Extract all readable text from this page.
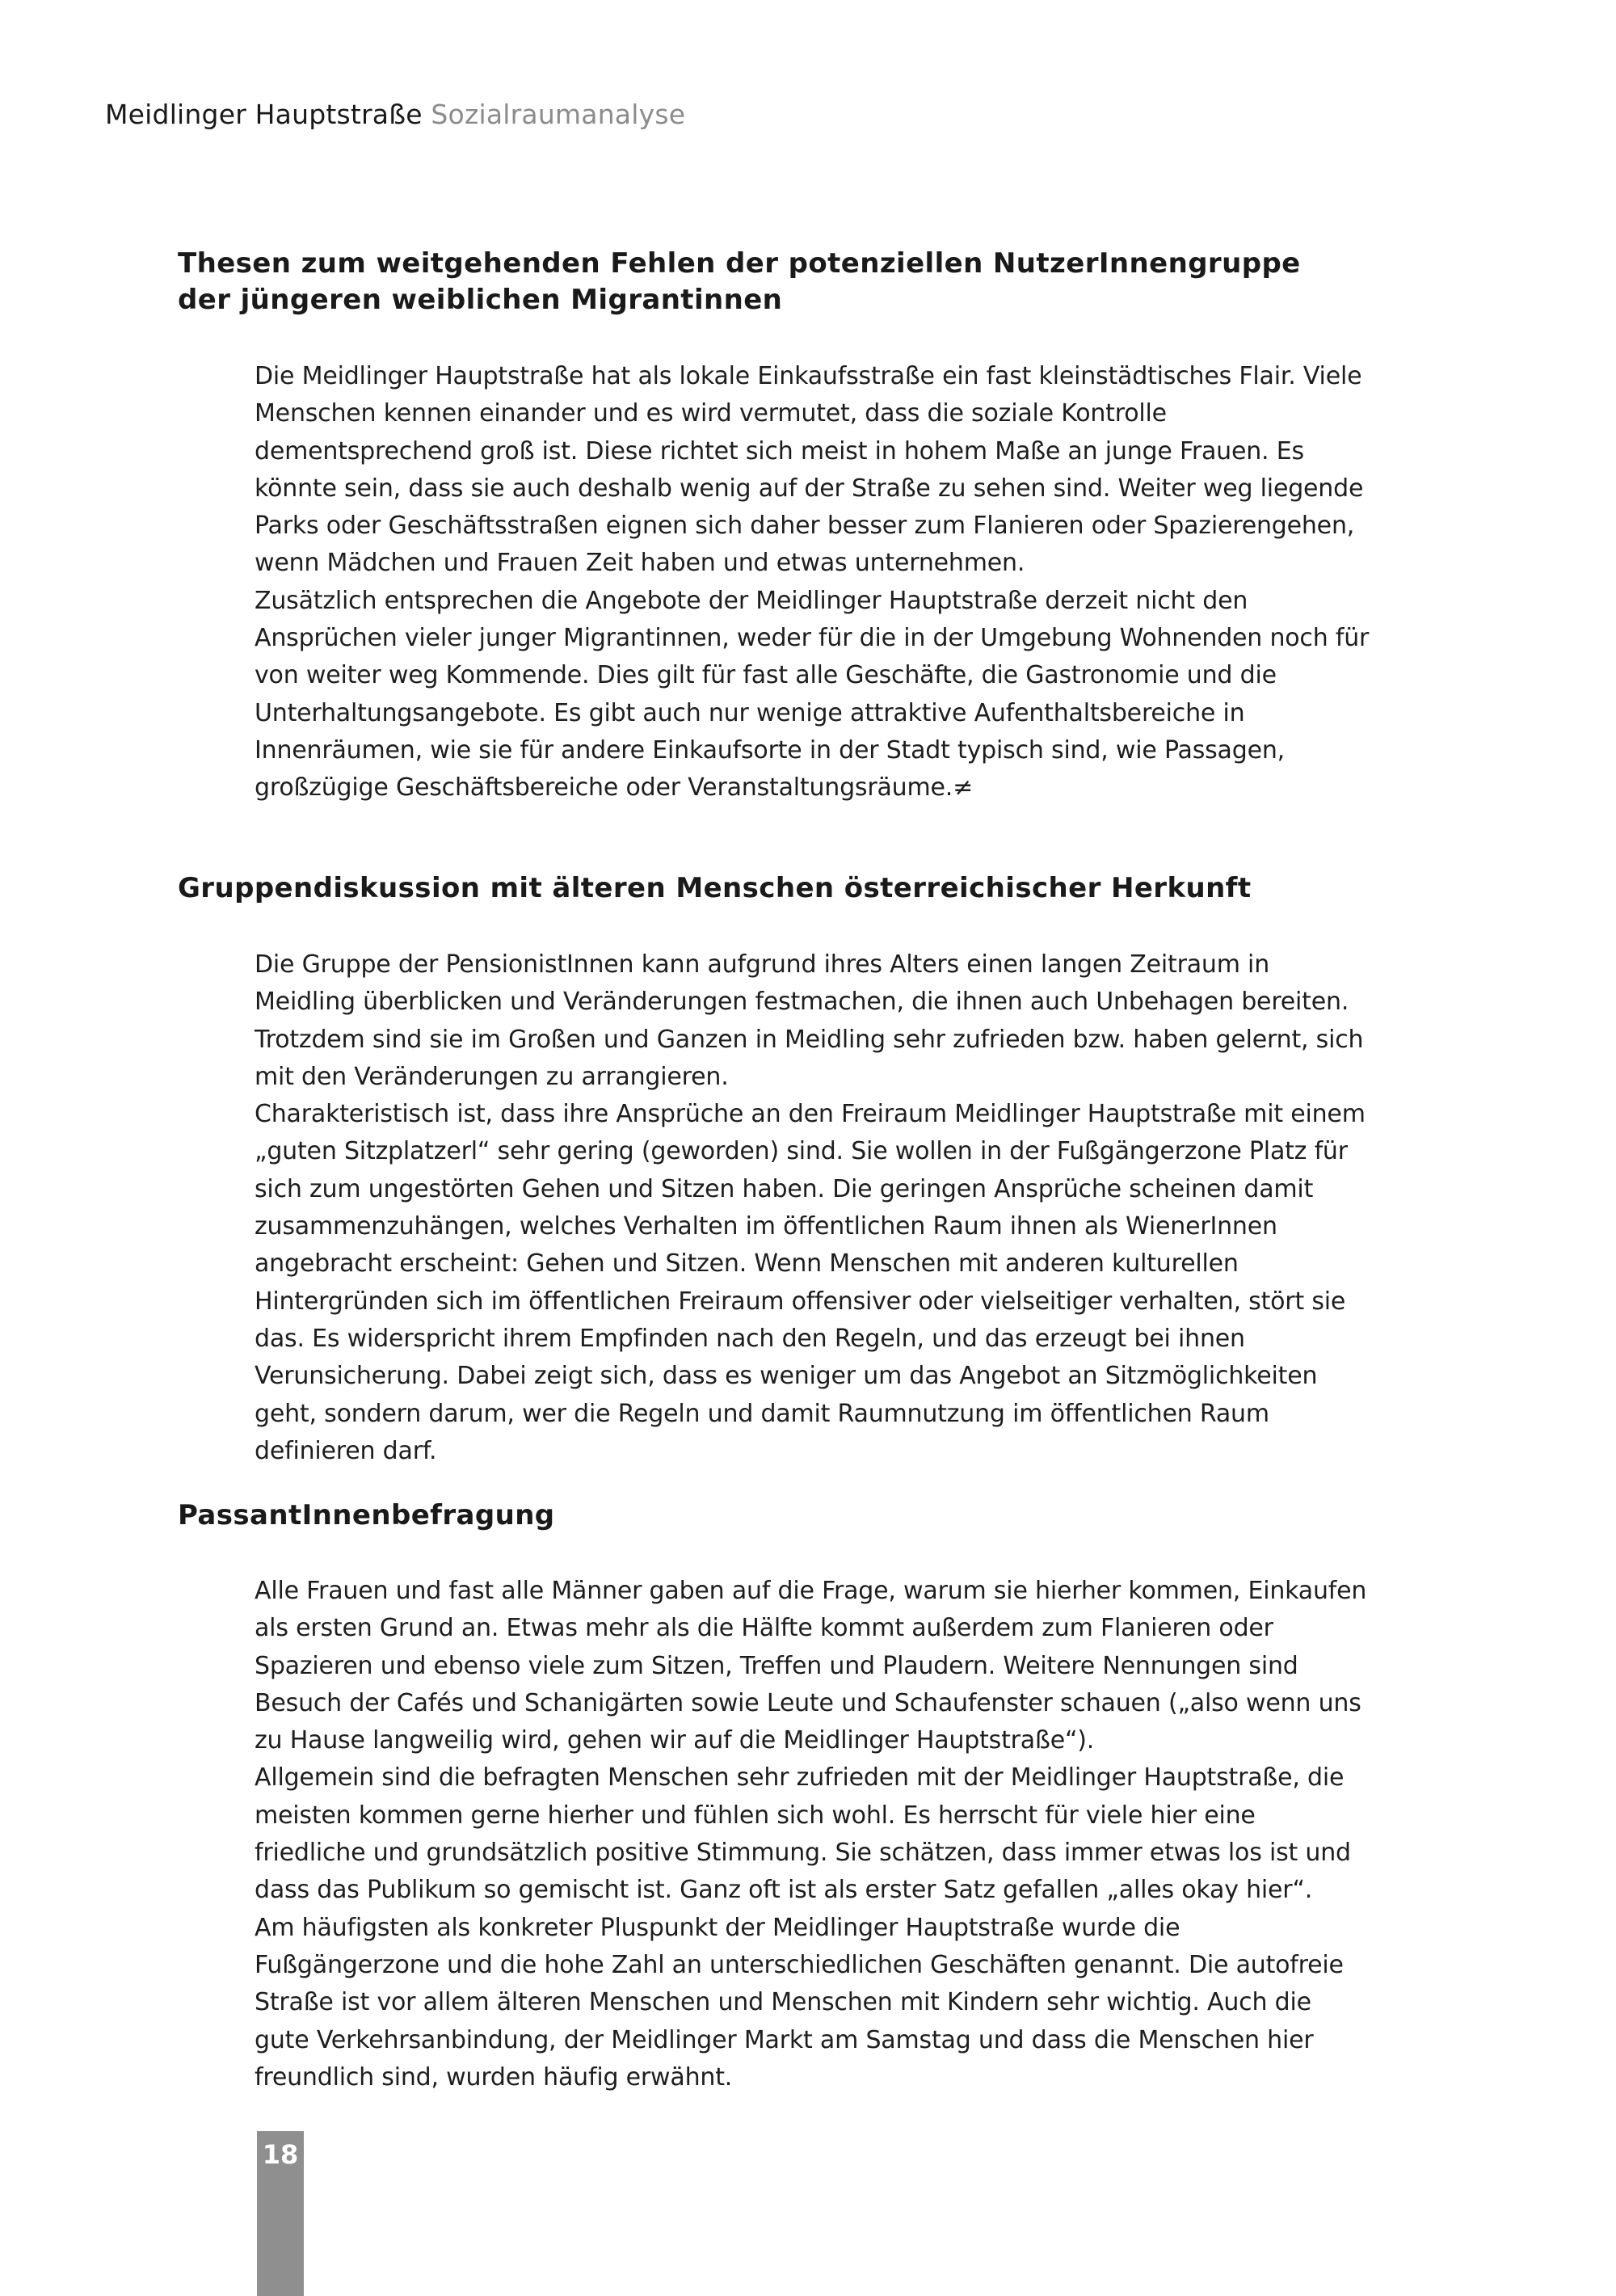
Meidlinger Hauptstraße Sozialraumanalyse
Thesen zum weitgehenden Fehlen der potenziellen NutzerInnengruppe
der jüngeren weiblichen Migrantinnen

Die Meidlinger Hauptstraße hat als lokale Einkaufsstraße ein fast kleinstädtisches Flair. Viele Menschen kennen einander und es wird vermutet, dass die soziale Kontrolle dementsprechend groß ist. Diese richtet sich meist in hohem Maße an junge Frauen. Es könnte sein, dass sie auch deshalb wenig auf der Straße zu sehen sind. Weiter weg liegende Parks oder Geschäftsstraßen eignen sich daher besser zum Flanieren oder Spazierengehen, wenn Mädchen und Frauen Zeit haben und etwas unternehmen.

Zusätzlich entsprechen die Angebote der Meidlinger Hauptstraße derzeit nicht den Ansprüchen vieler junger Migrantinnen, weder für die in der Umgebung Wohnenden noch für von weiter weg Kommende. Dies gilt für fast alle Geschäfte, die Gastronomie und die Unterhaltungsangebote. Es gibt auch nur wenige attraktive Aufenthaltsbereiche in Innenräumen, wie sie für andere Einkaufsorte in der Stadt typisch sind, wie Passagen, großzügige Geschäftsbereiche oder Veranstaltungsräume.≠

Gruppendiskussion mit älteren Menschen österreichischer Herkunft

Die Gruppe der PensionistInnen kann aufgrund ihres Alters einen langen Zeitraum in Meidling überblicken und Veränderungen festmachen, die ihnen auch Unbehagen bereiten. Trotzdem sind sie im Großen und Ganzen in Meidling sehr zufrieden bzw. haben gelernt, sich mit den Veränderungen zu arrangieren.

Charakteristisch ist, dass ihre Ansprüche an den Freiraum Meidlinger Hauptstraße mit einem „guten Sitzplatzerl“ sehr gering (geworden) sind. Sie wollen in der Fußgängerzone Platz für sich zum ungestörten Gehen und Sitzen haben. Die geringen Ansprüche scheinen damit zusammenzuhängen, welches Verhalten im öffentlichen Raum ihnen als WienerInnen angebracht erscheint: Gehen und Sitzen. Wenn Menschen mit anderen kulturellen Hintergründen sich im öffentlichen Freiraum offensiver oder vielseitiger verhalten, stört sie das. Es widerspricht ihrem Empfinden nach den Regeln, und das erzeugt bei ihnen Verunsicherung. Dabei zeigt sich, dass es weniger um das Angebot an Sitzmöglichkeiten geht, sondern darum, wer die Regeln und damit Raumnutzung im öffentlichen Raum definieren darf.

PassantInnenbefragung

Alle Frauen und fast alle Männer gaben auf die Frage, warum sie hierher kommen, Einkaufen als ersten Grund an. Etwas mehr als die Hälfte kommt außerdem zum Flanieren oder Spazieren und ebenso viele zum Sitzen, Treffen und Plaudern. Weitere Nennungen sind Besuch der Cafés und Schanigärten sowie Leute und Schaufenster schauen („also wenn uns zu Hause langweilig wird, gehen wir auf die Meidlinger Hauptstraße“).

Allgemein sind die befragten Menschen sehr zufrieden mit der Meidlinger Hauptstraße, die meisten kommen gerne hierher und fühlen sich wohl. Es herrscht für viele hier eine friedliche und grundsätzlich positive Stimmung. Sie schätzen, dass immer etwas los ist und dass das Publikum so gemischt ist. Ganz oft ist als erster Satz gefallen „alles okay hier“.

Am häufigsten als konkreter Pluspunkt der Meidlinger Hauptstraße wurde die Fußgängerzone und die hohe Zahl an unterschiedlichen Geschäften genannt. Die autofreie Straße ist vor allem älteren Menschen und Menschen mit Kindern sehr wichtig. Auch die gute Verkehrsanbindung, der Meidlinger Markt am Samstag und dass die Menschen hier freundlich sind, wurden häufig erwähnt.

18
